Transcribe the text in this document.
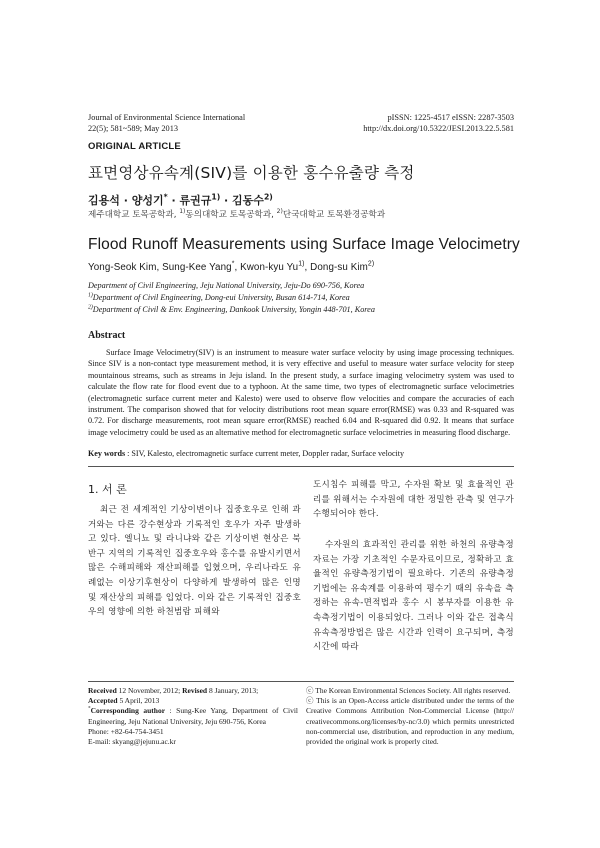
Journal of Environmental Science International
22(5); 581~589; May 2013
pISSN: 1225-4517 eISSN: 2287-3503
http://dx.doi.org/10.5322/JESI.2013.22.5.581
ORIGINAL ARTICLE
표면영상유속계(SIV)를 이용한 홍수유출량 측정
김용석 · 양성기* · 류권규$^{1)}$ · 김동수$^{2)}$
제주대학교 토목공학과, $^{1)}$동의대학교 토목공학과, $^{2)}$단국대학교 토목환경공학과
Flood Runoff Measurements using Surface Image Velocimetry
Yong-Seok Kim, Sung-Kee Yang*, Kwon-kyu Yu$^{1)}$, Dong-su Kim$^{2)}$
Department of Civil Engineering, Jeju National University, Jeju-Do 690-756, Korea
$^{1)}$Department of Civil Engineering, Dong-eui University, Busan 614-714, Korea
$^{2)}$Department of Civil & Env. Engineering, Dankook University, Yongin 448-701, Korea
Abstract
Surface Image Velocimetry(SIV) is an instrument to measure water surface velocity by using image processing techniques. Since SIV is a non-contact type measurement method, it is very effective and useful to measure water surface velocity for steep mountainous streams, such as streams in Jeju island. In the present study, a surface imaging velocimetry system was used to calculate the flow rate for flood event due to a typhoon. At the same time, two types of electromagnetic surface velocimetries (electromagnetic surface current meter and Kalesto) were used to observe flow velocities and compare the accuracies of each instrument. The comparison showed that for velocity distributions root mean square error(RMSE) was 0.33 and R-squared was 0.72. For discharge measurements, root mean square error(RMSE) reached 6.04 and R-squared did 0.92. It means that surface image velocimetry could be used as an alternative method for electromagnetic surface velocimetries in measuring flood discharge.
Key words : SIV, Kalesto, electromagnetic surface current meter, Doppler radar, Surface velocity
1. 서 론
최근 전 세계적인 기상이변이나 집중호우로 인해 과거와는 다른 강수현상과 기록적인 호우가 자주 발생하고 있다. 엘니뇨 및 라니냐와 같은 기상이변 현상은 북반구 지역의 기록적인 집중호우와 홍수를 유발시키면서 많은 수해피해와 재산피해를 입혔으며, 우리나라도 유례없는 이상기후현상이 다양하게 발생하여 많은 인명 및 재산상의 피해를 입었다. 이와 같은 기록적인 집중호우의 영향에 의한 하천범람 피해와
도시침수 피해를 막고, 수자원 확보 및 효율적인 관리를 위해서는 수자원에 대한 정밀한 관측 및 연구가 수행되어야 한다.
수자원의 효과적인 관리를 위한 하천의 유량측정자료는 가장 기초적인 수문자료이므로, 정확하고 효율적인 유량측정기법이 필요하다. 기존의 유량측정기법에는 유속계를 이용하여 평수기 때의 유속을 측정하는 유속-면적법과 홍수 시 봉부자를 이용한 유속측정기법이 이용되었다. 그러나 이와 같은 접촉식 유속측정방법은 많은 시간과 인력이 요구되며, 측정시간에 따라
Received 12 November, 2012; Revised 8 January, 2013;
Accepted 5 April, 2013
*Corresponding author : Sung-Kee Yang, Department of Civil Engineering, Jeju National University, Jeju 690-756, Korea
Phone: +82-64-754-3451
E-mail: skyang@jejunu.ac.kr
ⓒ The Korean Environmental Sciences Society. All rights reserved.
ⓒ This is an Open-Access article distributed under the terms of the Creative Commons Attribution Non-Commercial License (http:// creativecommons.org/licenses/by-nc/3.0) which permits unrestricted non-commercial use, distribution, and reproduction in any medium, provided the original work is properly cited.
